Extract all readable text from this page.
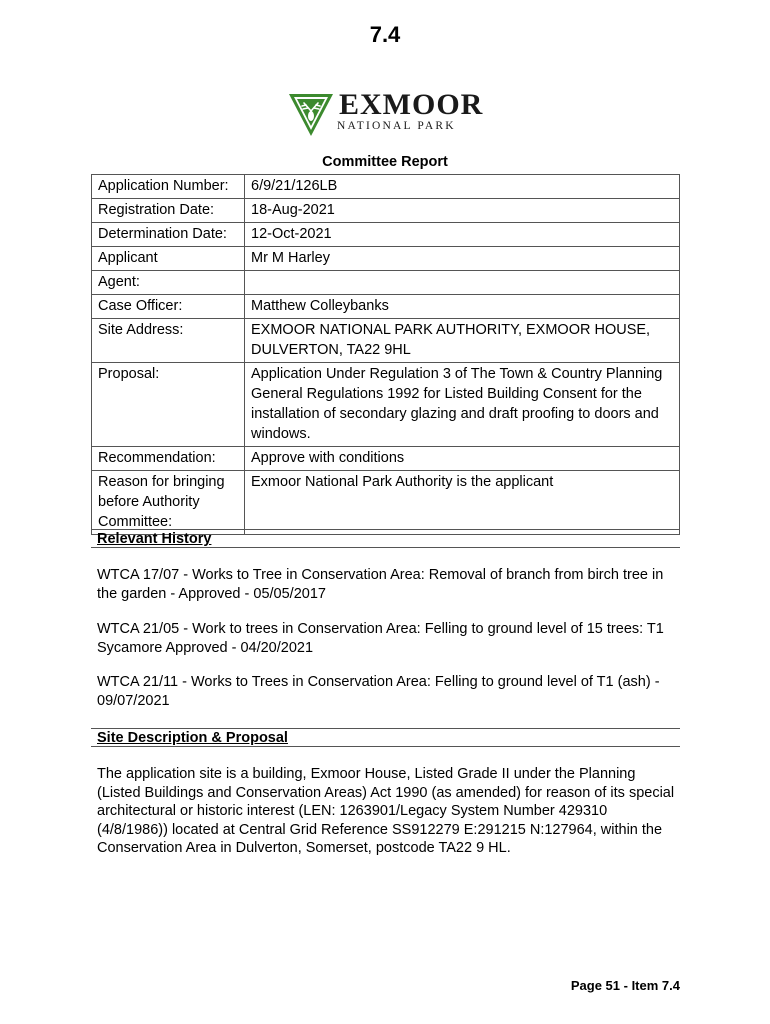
7.4
EXMOOR
NATIONAL PARK
Committee Report
Application Number:	6/9/21/126LB
Registration Date:	18-Aug-2021
Determination Date:	12-Oct-2021
Applicant	Mr M Harley
Agent:	
Case Officer:	Matthew Colleybanks
Site Address:	EXMOOR NATIONAL PARK AUTHORITY, EXMOOR HOUSE, DULVERTON, TA22 9HL
Proposal:	Application Under Regulation 3 of The Town & Country Planning General Regulations 1992 for Listed Building Consent for the installation of secondary glazing and draft proofing to doors and windows.
Recommendation:	Approve with conditions
Reason for bringing before Authority Committee:	Exmoor National Park Authority is the applicant
Relevant History
WTCA 17/07 - Works to Tree in Conservation Area: Removal of branch from birch tree in the garden - Approved - 05/05/2017
WTCA 21/05 - Work to trees in Conservation Area: Felling to ground level of 15 trees: T1 Sycamore Approved - 04/20/2021
WTCA 21/11 - Works to Trees in Conservation Area: Felling to ground level of T1 (ash) - 09/07/2021
Site Description & Proposal
The application site is a building, Exmoor House, Listed Grade II under the Planning (Listed Buildings and Conservation Areas) Act 1990 (as amended) for reason of its special architectural or historic interest (LEN: 1263901/Legacy System Number 429310 (4/8/1986)) located at Central Grid Reference SS912279 E:291215 N:127964, within the Conservation Area in Dulverton, Somerset, postcode TA22 9 HL.
Page 51 - Item 7.4
